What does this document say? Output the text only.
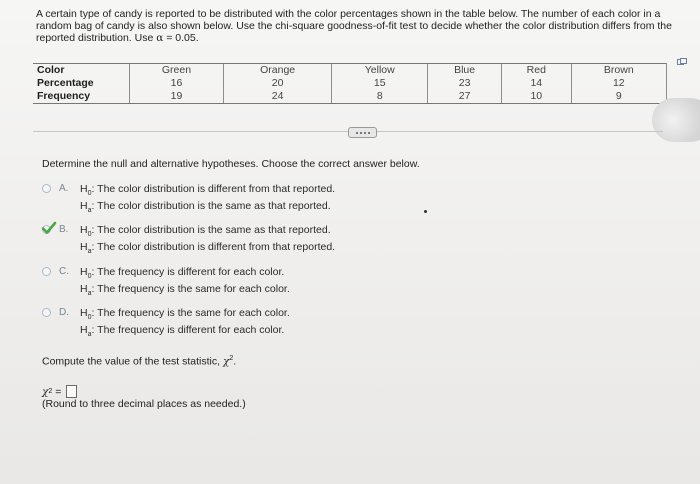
A certain type of candy is reported to be distributed with the color percentages shown in the table below. The number of each color in a random bag of candy is also shown below. Use the chi-square goodness-of-fit test to decide whether the color distribution differs from the reported distribution. Use α = 0.05.
Color	Green	Orange	Yellow	Blue	Red	Brown
Percentage	16	20	15	23	14	12
Frequency	19	24	8	27	10	9
Determine the null and alternative hypotheses. Choose the correct answer below.
A. $H_0$: The color distribution is different from that reported.
$H_a$: The color distribution is the same as that reported.
B. $H_0$: The color distribution is the same as that reported.
$H_a$: The color distribution is different from that reported.
C. $H_0$: The frequency is different for each color.
$H_a$: The frequency is the same for each color.
D. $H_0$: The frequency is the same for each color.
$H_a$: The frequency is different for each color.
Compute the value of the test statistic, $\chi^2$.
χ 2 =
(Round to three decimal places as needed.)
